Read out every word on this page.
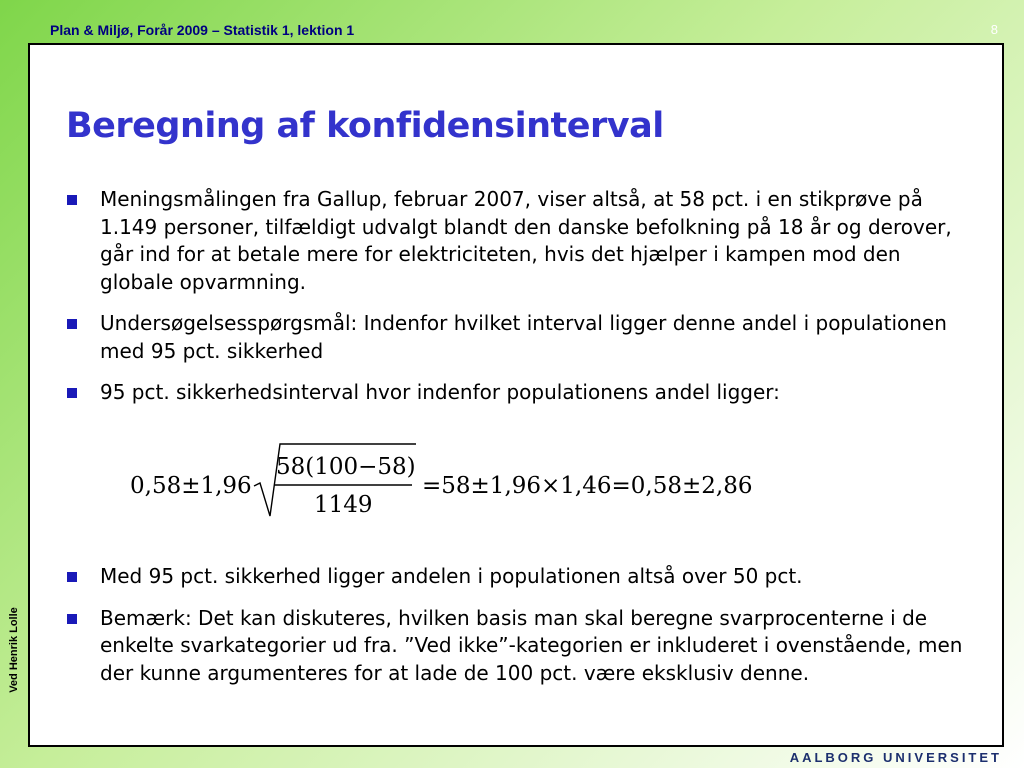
Plan & Miljø, Forår 2009 – Statistik 1, lektion 1	8
Ved Henrik Lolle
Beregning af konfidensinterval
Meningsmålingen fra Gallup, februar 2007, viser altså, at 58 pct. i en stikprøve på 1.149 personer, tilfældigt udvalgt blandt den danske befolkning på 18 år og derover, går ind for at betale mere for elektriciteten, hvis det hjælper i kampen mod den globale opvarmning.
Undersøgelsesspørgsmål: Indenfor hvilket interval ligger denne andel i populationen med 95 pct. sikkerhed
95 pct. sikkerhedsinterval hvor indenfor populationens andel ligger:
0,58±1,96
58(100−58)
1149
=58±1,96×1,46=0,58±2,86
Med 95 pct. sikkerhed ligger andelen i populationen altså over 50 pct.
Bemærk: Det kan diskuteres, hvilken basis man skal beregne svarprocenterne i de enkelte svarkategorier ud fra. ”Ved ikke”-kategorien er inkluderet i ovenstående, men der kunne argumenteres for at lade de 100 pct. være eksklusiv denne.
AALBORG UNIVERSITET
